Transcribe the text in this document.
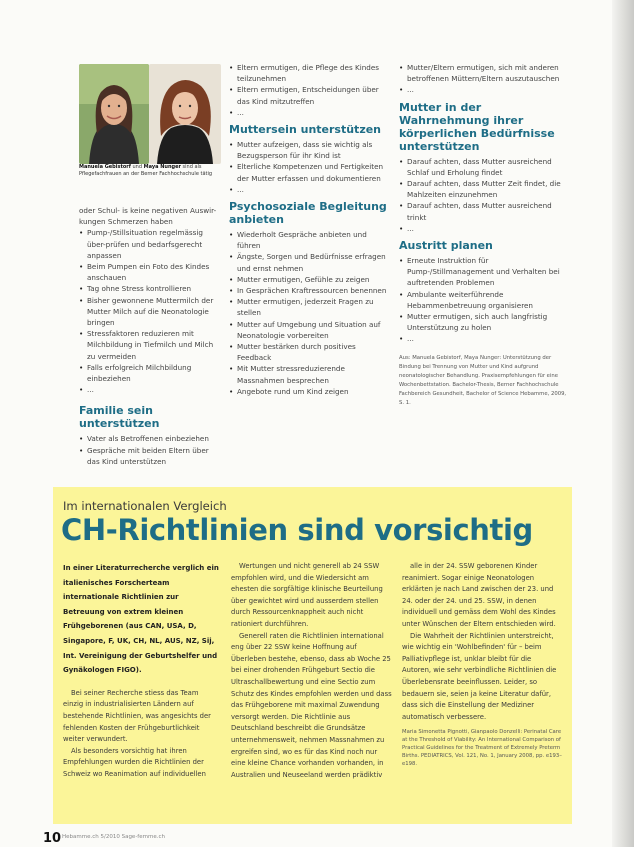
Manuela Gebistorf und Maya Nunger sind als Pflegefachfrauen an der Berner Fachhochschule tätig
oder Schul- is keine negativen Auswir-
kungen Schmerzen haben
• Pump-/Stillsituation regelmässig über-prüfen und bedarfsgerecht anpassen
• Beim Pumpen ein Foto des Kindes anschauen
• Tag ohne Stress kontrollieren
• Bisher gewonnene Muttermilch der Mutter Milch auf die Neonatologie bringen
• Stressfaktoren reduzieren mit Milchbildung in Tiefmilch und Milch zu vermeiden
• Falls erfolgreich Milchbildung einbeziehen
• ...
Familie sein unterstützen
• Vater als Betroffenen einbeziehen
• Gespräche mit beiden Eltern über das Kind unterstützen
• Eltern ermutigen, die Pflege des Kindes teilzunehmen
• Eltern ermutigen, Entscheidungen über das Kind mitzutreffen
• ...
Muttersein unterstützen
• Mutter aufzeigen, dass sie wichtig als Bezugsperson für ihr Kind ist
• Elterliche Kompetenzen und Fertigkeiten der Mutter erfassen und dokumentieren
• ...
Psychosoziale Begleitung anbieten
• Wiederholt Gespräche anbieten und führen
• Ängste, Sorgen und Bedürfnisse erfragen und ernst nehmen
• Mutter ermutigen, Gefühle zu zeigen
• In Gesprächen Kraftressourcen benennen
• Mutter ermutigen, jederzeit Fragen zu stellen
• Mutter auf Umgebung und Situation auf Neonatologie vorbereiten
• Mutter bestärken durch positives Feedback
• Mit Mutter stressreduzierende Massnahmen besprechen
• Angebote rund um Kind zeigen
• Mutter/Eltern ermutigen, sich mit anderen betroffenen Müttern/Eltern auszutauschen
• ...
Mutter in der Wahrnehmung ihrer körperlichen Bedürfnisse unterstützen
• Darauf achten, dass Mutter ausreichend Schlaf und Erholung findet
• Darauf achten, dass Mutter Zeit findet, die Mahlzeiten einzunehmen
• Darauf achten, dass Mutter ausreichend trinkt
• ...
Austritt planen
• Erneute Instruktion für Pump-/Stillmanagement und Verhalten bei auftretenden Problemen
• Ambulante weiterführende Hebammenbetreuung organisieren
• Mutter ermutigen, sich auch langfristig Unterstützung zu holen
• ...
Aus: Manuela Gebistorf, Maya Nunger: Unterstützung der Bindung bei Trennung von Mutter und Kind aufgrund neonatologischer Behandlung. Praxisempfehlungen für eine Wochenbettstation. Bachelor-Thesis, Berner Fachhochschule Fachbereich Gesundheit, Bachelor of Science Hebamme, 2009, S. 1.
Im internationalen Vergleich
CH-Richtlinien sind vorsichtig
In einer Literaturrecherche verglich ein italienisches Forscherteam internationale Richtlinien zur Betreuung von extrem kleinen Frühgeborenen (aus CAN, USA, D, Singapore, F, UK, CH, NL, AUS, NZ, Sij, Int. Vereinigung der Geburtshelfer und Gynäkologen FIGO).

Bei seiner Recherche stiess das Team einzig in industrialisierten Ländern auf bestehende Richtlinien, was angesichts der fehlenden Kosten der Frühgeburtlichkeit weiter verwundert.

Als besonders vorsichtig hat ihren Empfehlungen wurden die Richtlinien der Schweiz wo Reanimation auf individuellen

Wertungen und nicht generell ab 24 SSW empfohlen wird, und die Wiedersicht am ehesten die sorgfältige klinische Beurteilung über gewichtet wird und ausserdem stellen durch Ressourcenknappheit auch nicht rationiert durchführen.

Generell raten die Richtlinien international eng über 22 SSW keine Hoffnung auf Überleben bestehe, ebenso, dass ab Woche 25 bei einer drohenden Frühgeburt Sectio die Ultraschallbewertung und eine Sectio zum Schutz des Kindes empfohlen werden und dass das Frühgeborene mit maximal Zuwendung versorgt werden. Die Richtlinie aus Deutschland beschreibt die Grundsätze unternehmensweit, nehmen Massnahmen zu ergreifen sind, wo es für das Kind noch nur eine kleine Chance vorhanden vorhanden, in Australien und Neuseeland werden prädiktiv

alle in der 24. SSW geborenen Kinder reanimiert. Sogar einige Neonatologen erklärten je nach Land zwischen der 23. und 24. oder der 24. und 25. SSW, in denen individuell und gemäss dem Wohl des Kindes unter Wünschen der Eltern entschieden wird.

Die Wahrheit der Richtlinien unterstreicht, wie wichtig ein 'Wohlbefinden' für – beim Palliativpflege ist, unklar bleibt für die Autoren, wie sehr verbindliche Richtlinien die Überlebensrate beeinflussen. Leider, so bedauern sie, seien ja keine Literatur dafür, dass sich die Einstellung der Mediziner automatisch verbessere.

Maria Simonetta Pignotti, Gianpaolo Donzelli: Perinatal Care at the Threshold of Viability: An International Comparison of Practical Guidelines for the Treatment of Extremely Preterm Births. PEDIATRICS, Vol. 121, No. 1, January 2008, pp. e193–e198.
10 Hebamme.ch 5/2010 Sage-femme.ch
